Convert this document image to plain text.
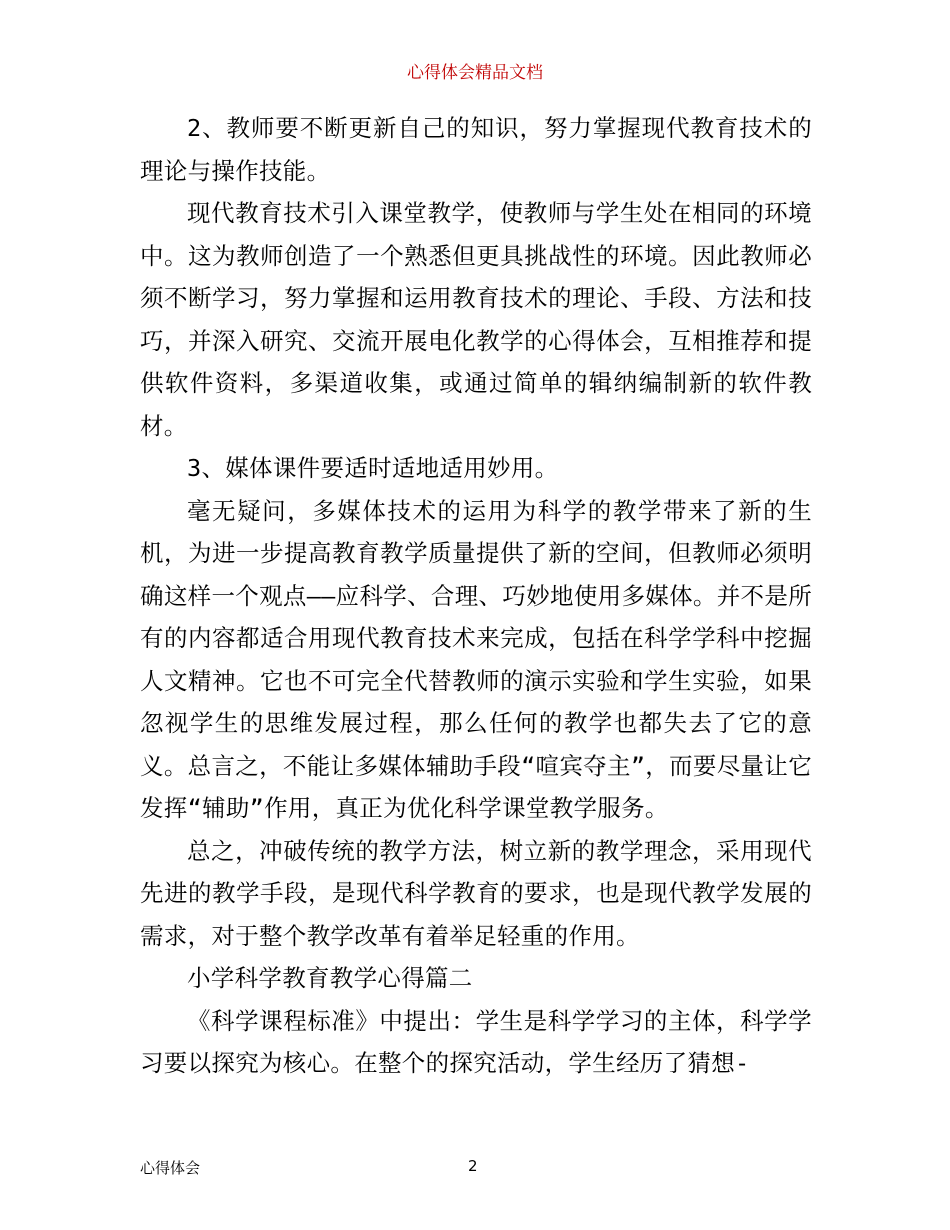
心得体会精品文档

2、教师要不断更新自己的知识，努力掌握现代教育技术的理论与操作技能。

现代教育技术引入课堂教学，使教师与学生处在相同的环境中。这为教师创造了一个熟悉但更具挑战性的环境。因此教师必须不断学习，努力掌握和运用教育技术的理论、手段、方法和技巧，并深入研究、交流开展电化教学的心得体会，互相推荐和提供软件资料，多渠道收集，或通过简单的辑纳编制新的软件教材。

3、媒体课件要适时适地适用妙用。

毫无疑问，多媒体技术的运用为科学的教学带来了新的生机，为进一步提高教育教学质量提供了新的空间，但教师必须明确这样一个观点——应科学、合理、巧妙地使用多媒体。并不是所有的内容都适合用现代教育技术来完成，包括在科学学科中挖掘人文精神。它也不可完全代替教师的演示实验和学生实验，如果忽视学生的思维发展过程，那么任何的教学也都失去了它的意义。总言之，不能让多媒体辅助手段“喧宾夺主”，而要尽量让它发挥“辅助”作用，真正为优化科学课堂教学服务。

总之，冲破传统的教学方法，树立新的教学理念，采用现代先进的教学手段，是现代科学教育的要求，也是现代教学发展的需求，对于整个教学改革有着举足轻重的作用。

小学科学教育教学心得篇二

《科学课程标准》中提出：学生是科学学习的主体，科学学习要以探究为核心。在整个的探究活动，学生经历了猜想-

心得体会	2
